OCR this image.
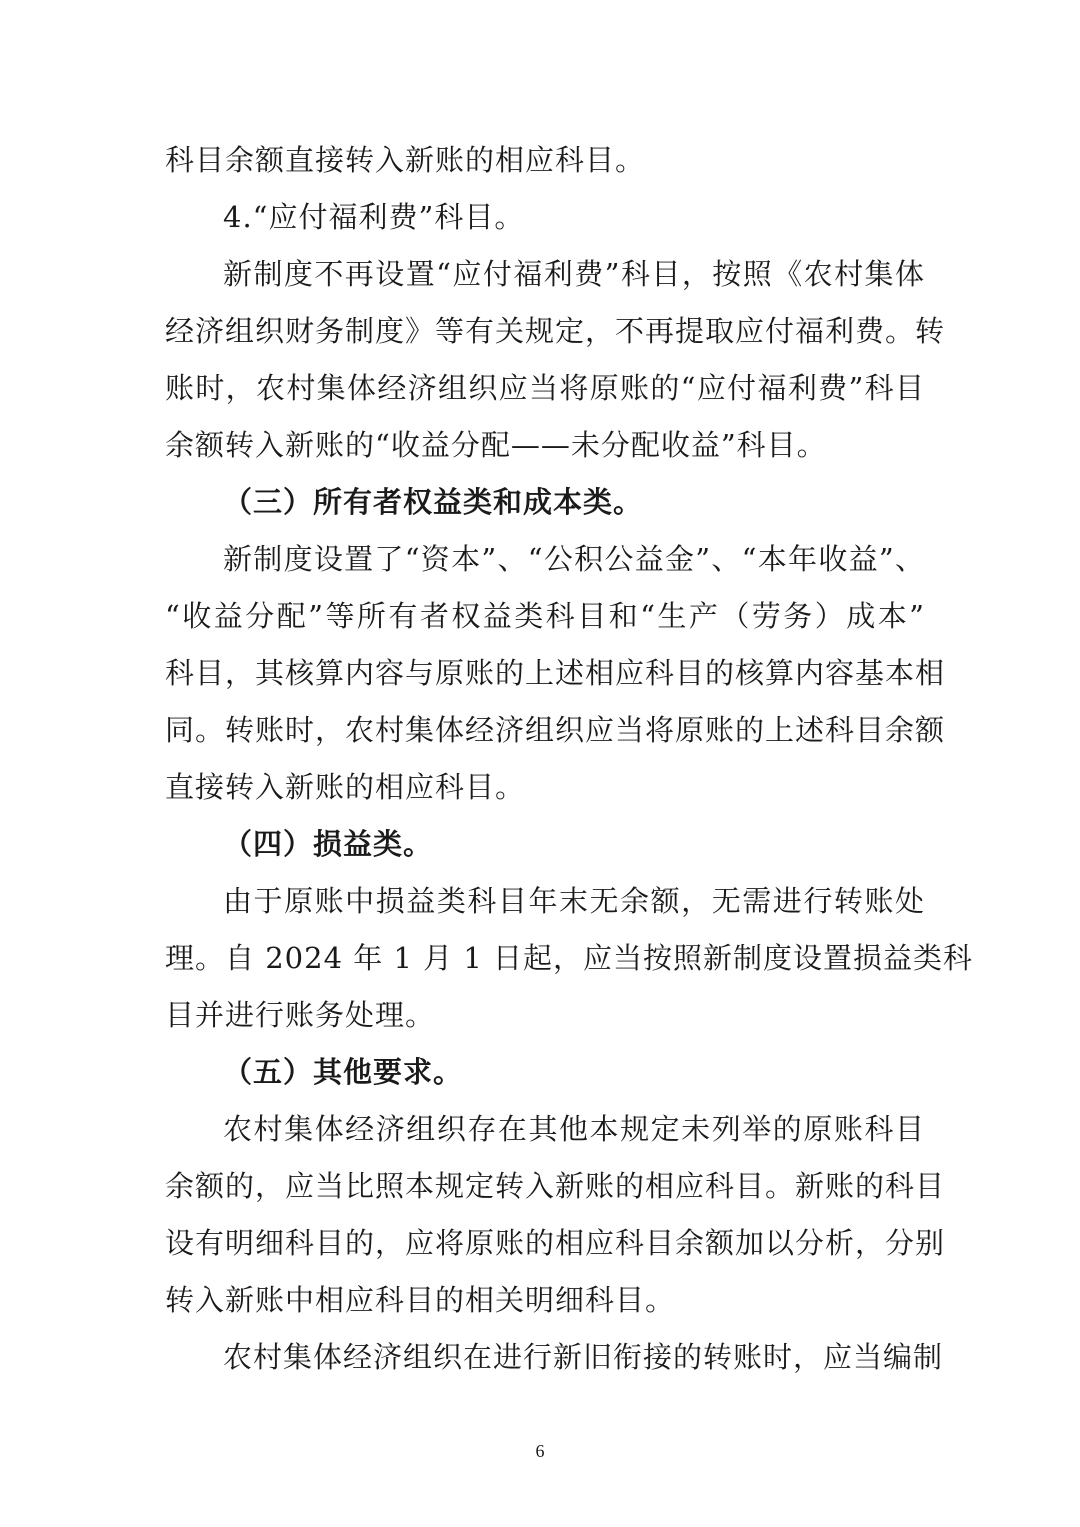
科目余额直接转入新账的相应科目。
4.“应付福利费”科目。
新制度不再设置“应付福利费”科目，按照《农村集体
经济组织财务制度》等有关规定，不再提取应付福利费。转
账时，农村集体经济组织应当将原账的“应付福利费”科目
余额转入新账的“收益分配——未分配收益”科目。
（三）所有者权益类和成本类。
新制度设置了“资本”、“公积公益金”、“本年收益”、
“收益分配”等所有者权益类科目和“生产（劳务）成本”
科目，其核算内容与原账的上述相应科目的核算内容基本相
同。转账时，农村集体经济组织应当将原账的上述科目余额
直接转入新账的相应科目。
（四）损益类。
由于原账中损益类科目年末无余额，无需进行转账处
理。自 2024 年 1 月 1 日起，应当按照新制度设置损益类科
目并进行账务处理。
（五）其他要求。
农村集体经济组织存在其他本规定未列举的原账科目
余额的，应当比照本规定转入新账的相应科目。新账的科目
设有明细科目的，应将原账的相应科目余额加以分析，分别
转入新账中相应科目的相关明细科目。
农村集体经济组织在进行新旧衔接的转账时，应当编制
6
